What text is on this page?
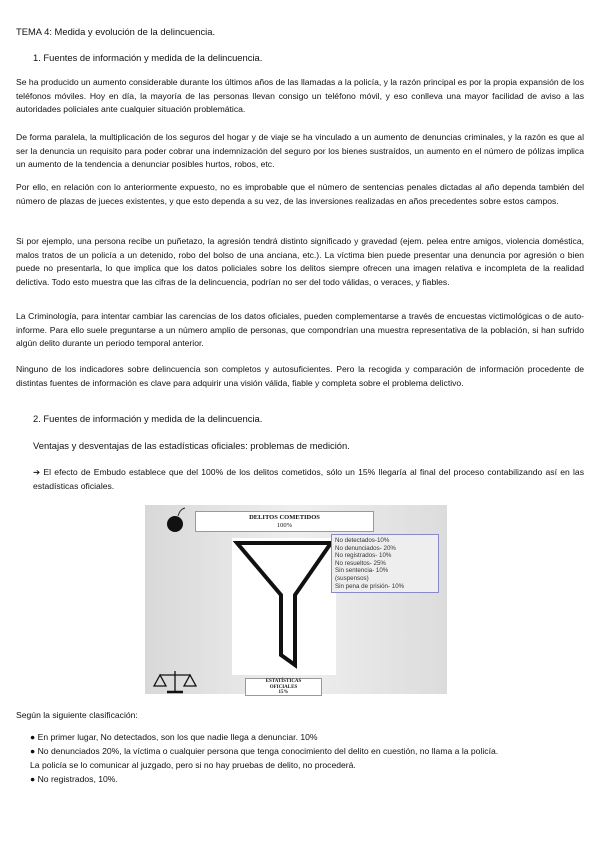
TEMA 4: Medida y evolución de la delincuencia.
1. Fuentes de información y medida de la delincuencia.
Se ha producido un aumento considerable durante los últimos años de las llamadas a la policía, y la razón principal es por la propia expansión de los teléfonos móviles. Hoy en día, la mayoría de las personas llevan consigo un teléfono móvil, y eso conlleva una mayor facilidad de aviso a las autoridades policiales ante cualquier situación problemática.
De forma paralela, la multiplicación de los seguros del hogar y de viaje se ha vinculado a un aumento de denuncias criminales, y la razón es que al ser la denuncia un requisito para poder cobrar una indemnización del seguro por los bienes sustraídos, un aumento en el número de pólizas implica un aumento de la tendencia a denunciar posibles hurtos, robos, etc.
Por ello, en relación con lo anteriormente expuesto, no es improbable que el número de sentencias penales dictadas al año dependa también del número de plazas de jueces existentes, y que esto dependa a su vez, de las inversiones realizadas en años precedentes sobre estos campos.
Si por ejemplo, una persona recibe un puñetazo, la agresión tendrá distinto significado y gravedad (ejem. pelea entre amigos, violencia doméstica, malos tratos de un policía a un detenido, robo del bolso de una anciana, etc.). La víctima bien puede presentar una denuncia por agresión o bien puede no presentarla, lo que implica que los datos policiales sobre los delitos siempre ofrecen una imagen relativa e incompleta de la realidad delictiva. Todo esto muestra que las cifras de la delincuencia, podrían no ser del todo válidas, o veraces, y fiables.
La Criminología, para intentar cambiar las carencias de los datos oficiales, pueden complementarse a través de encuestas victimológicas o de auto-informe. Para ello suele preguntarse a un número amplio de personas, que compondrían una muestra representativa de la población, si han sufrido algún delito durante un periodo temporal anterior.
Ninguno de los indicadores sobre delincuencia son completos y autosuficientes. Pero la recogida y comparación de información procedente de distintas fuentes de información es clave para adquirir una visión válida, fiable y completa sobre el problema delictivo.
2. Fuentes de información y medida de la delincuencia.
Ventajas y desventajas de las estadísticas oficiales: problemas de medición.
➔ El efecto de Embudo establece que del 100% de los delitos cometidos, sólo un 15% llegaría al final del proceso contabilizando así en las estadísticas oficiales.
DELITOS COMETIDOS
100%
No detectados-10%
No denunciados- 20%
No registrados- 10%
No resueltos- 25%
Sin sentencia- 10%
(suspensos)
Sin pena de prisión- 10%
ESTATÍSTICAS
OFICIALES
15%
Según la siguiente clasificación:
● En primer lugar, No detectados, son los que nadie llega a denunciar. 10%
● No denunciados 20%, la víctima o cualquier persona que tenga conocimiento del delito en cuestión, no llama a la policía.
La policía se lo comunicar al juzgado, pero si no hay pruebas de delito, no procederá.
● No registrados, 10%.
